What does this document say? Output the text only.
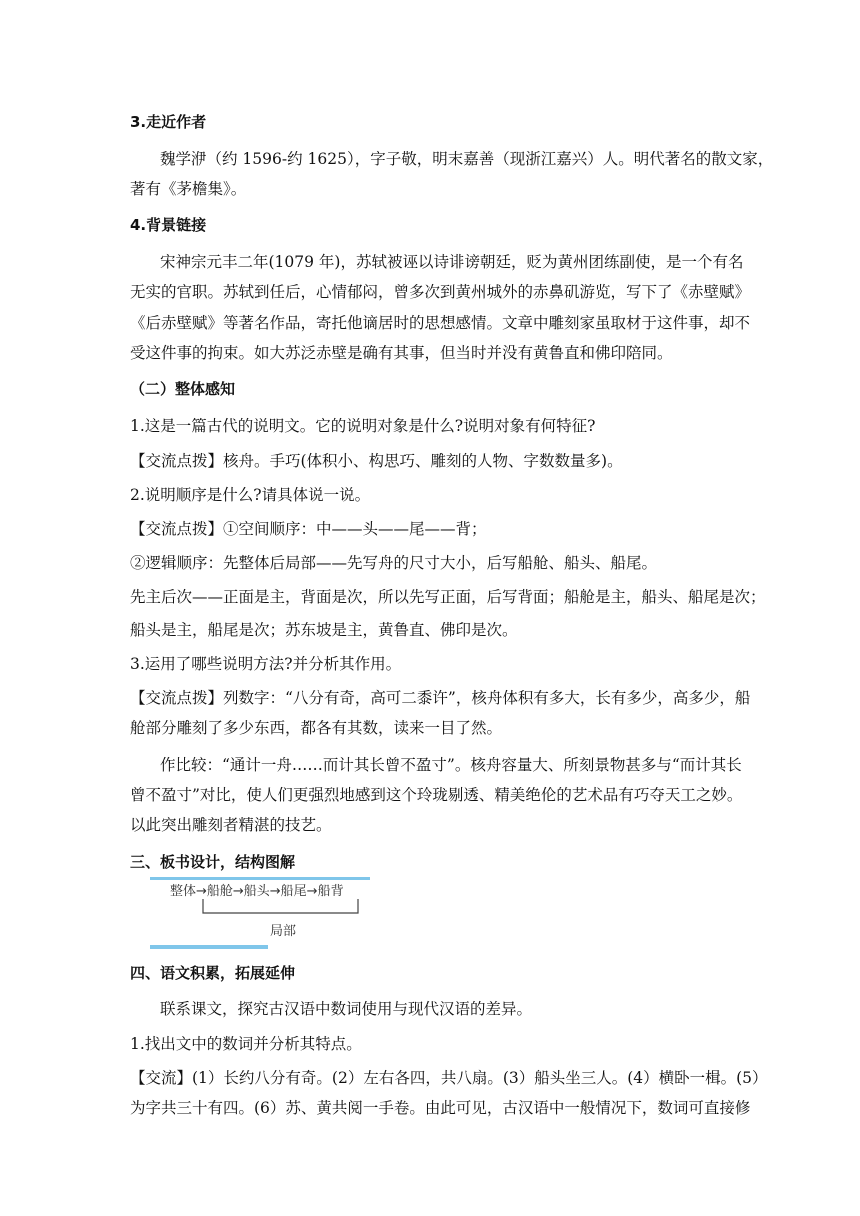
3.走近作者
魏学洢（约 1596-约 1625），字子敬，明末嘉善（现浙江嘉兴）人。明代著名的散文家，
著有《茅檐集》。
4.背景链接
宋神宗元丰二年(1079 年)，苏轼被诬以诗诽谤朝廷，贬为黄州团练副使，是一个有名
无实的官职。苏轼到任后，心情郁闷，曾多次到黄州城外的赤鼻矶游览，写下了《赤壁赋》
《后赤壁赋》等著名作品，寄托他谪居时的思想感情。文章中雕刻家虽取材于这件事，却不
受这件事的拘束。如大苏泛赤壁是确有其事，但当时并没有黄鲁直和佛印陪同。
（二）整体感知
1.这是一篇古代的说明文。它的说明对象是什么?说明对象有何特征?
【交流点拨】核舟。手巧(体积小、构思巧、雕刻的人物、字数数量多)。
2.说明顺序是什么?请具体说一说。
【交流点拨】①空间顺序：中——头——尾——背；
②逻辑顺序：先整体后局部——先写舟的尺寸大小，后写船舱、船头、船尾。
先主后次——正面是主，背面是次，所以先写正面，后写背面；船舱是主，船头、船尾是次；
船头是主，船尾是次；苏东坡是主，黄鲁直、佛印是次。
3.运用了哪些说明方法?并分析其作用。
【交流点拨】列数字：“八分有奇，高可二黍许”，核舟体积有多大，长有多少，高多少，船
舱部分雕刻了多少东西，都各有其数，读来一目了然。
作比较：“通计一舟……而计其长曾不盈寸”。核舟容量大、所刻景物甚多与“而计其长
曾不盈寸”对比，使人们更强烈地感到这个玲珑剔透、精美绝伦的艺术品有巧夺天工之妙。
以此突出雕刻者精湛的技艺。
三、板书设计，结构图解
整体→船舱→船头→船尾→船背
局部
四、语文积累，拓展延伸
联系课文，探究古汉语中数词使用与现代汉语的差异。
1.找出文中的数词并分析其特点。
【交流】(1）长约八分有奇。(2）左右各四，共八扇。(3）船头坐三人。(4）横卧一楫。(5）
为字共三十有四。(6）苏、黄共阅一手卷。由此可见，古汉语中一般情况下，数词可直接修
